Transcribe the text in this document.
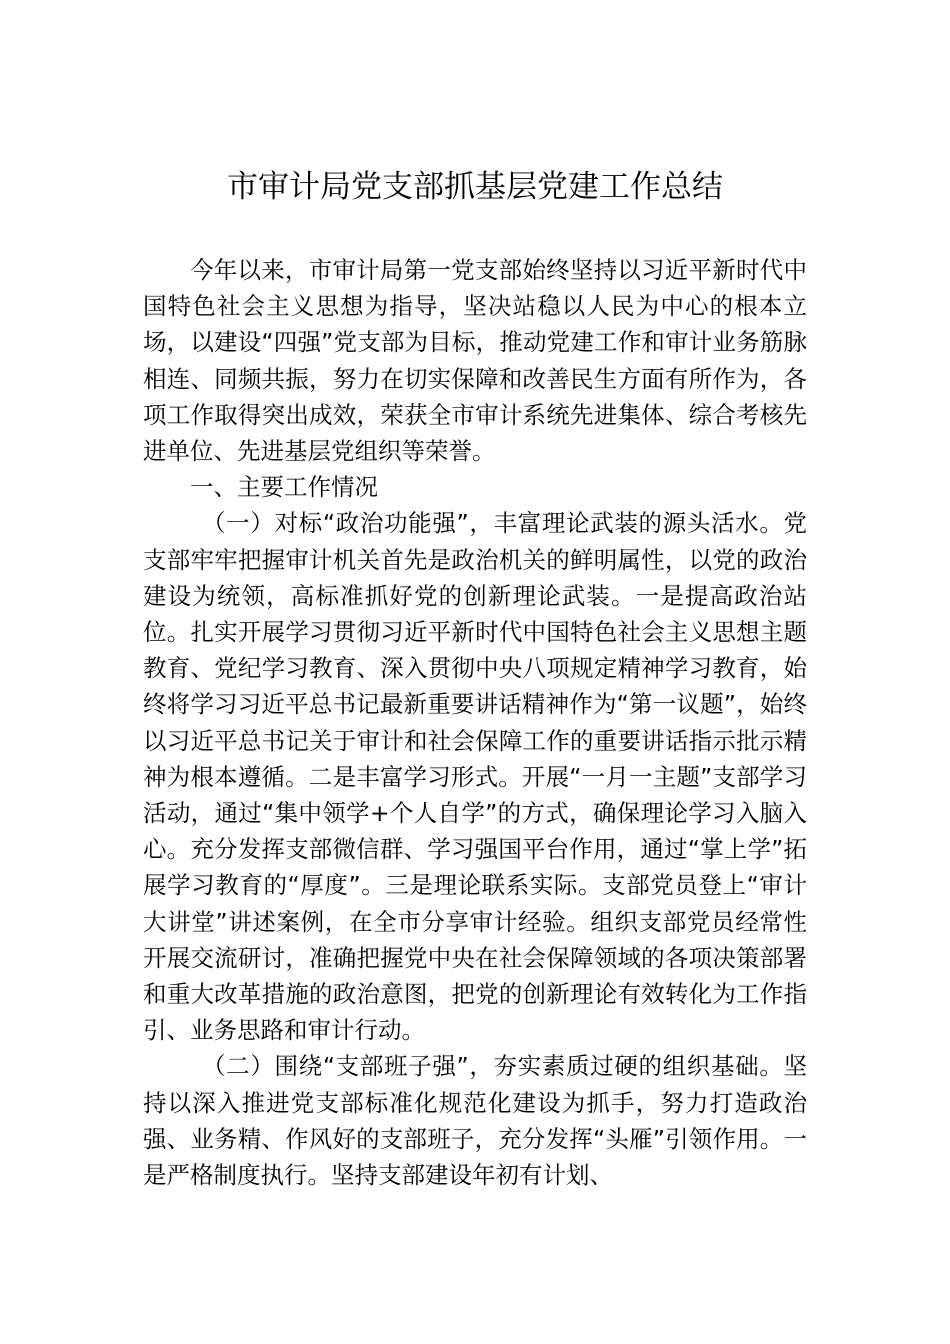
市审计局党支部抓基层党建工作总结

今年以来，市审计局第一党支部始终坚持以习近平新时代中国特色社会主义思想为指导，坚决站稳以人民为中心的根本立场，以建设“四强”党支部为目标，推动党建工作和审计业务筋脉相连、同频共振，努力在切实保障和改善民生方面有所作为，各项工作取得突出成效，荣获全市审计系统先进集体、综合考核先进单位、先进基层党组织等荣誉。

一、主要工作情况

（一）对标“政治功能强”，丰富理论武装的源头活水。党支部牢牢把握审计机关首先是政治机关的鲜明属性，以党的政治建设为统领，高标准抓好党的创新理论武装。一是提高政治站位。扎实开展学习贯彻习近平新时代中国特色社会主义思想主题教育、党纪学习教育、深入贯彻中央八项规定精神学习教育，始终将学习习近平总书记最新重要讲话精神作为“第一议题”，始终以习近平总书记关于审计和社会保障工作的重要讲话指示批示精神为根本遵循。二是丰富学习形式。开展“一月一主题”支部学习活动，通过“集中领学+个人自学”的方式，确保理论学习入脑入心。充分发挥支部微信群、学习强国平台作用，通过“掌上学”拓展学习教育的“厚度”。三是理论联系实际。支部党员登上“审计大讲堂”讲述案例，在全市分享审计经验。组织支部党员经常性开展交流研讨，准确把握党中央在社会保障领域的各项决策部署和重大改革措施的政治意图，把党的创新理论有效转化为工作指引、业务思路和审计行动。

（二）围绕“支部班子强”，夯实素质过硬的组织基础。坚持以深入推进党支部标准化规范化建设为抓手，努力打造政治强、业务精、作风好的支部班子，充分发挥“头雁”引领作用。一是严格制度执行。坚持支部建设年初有计划、
